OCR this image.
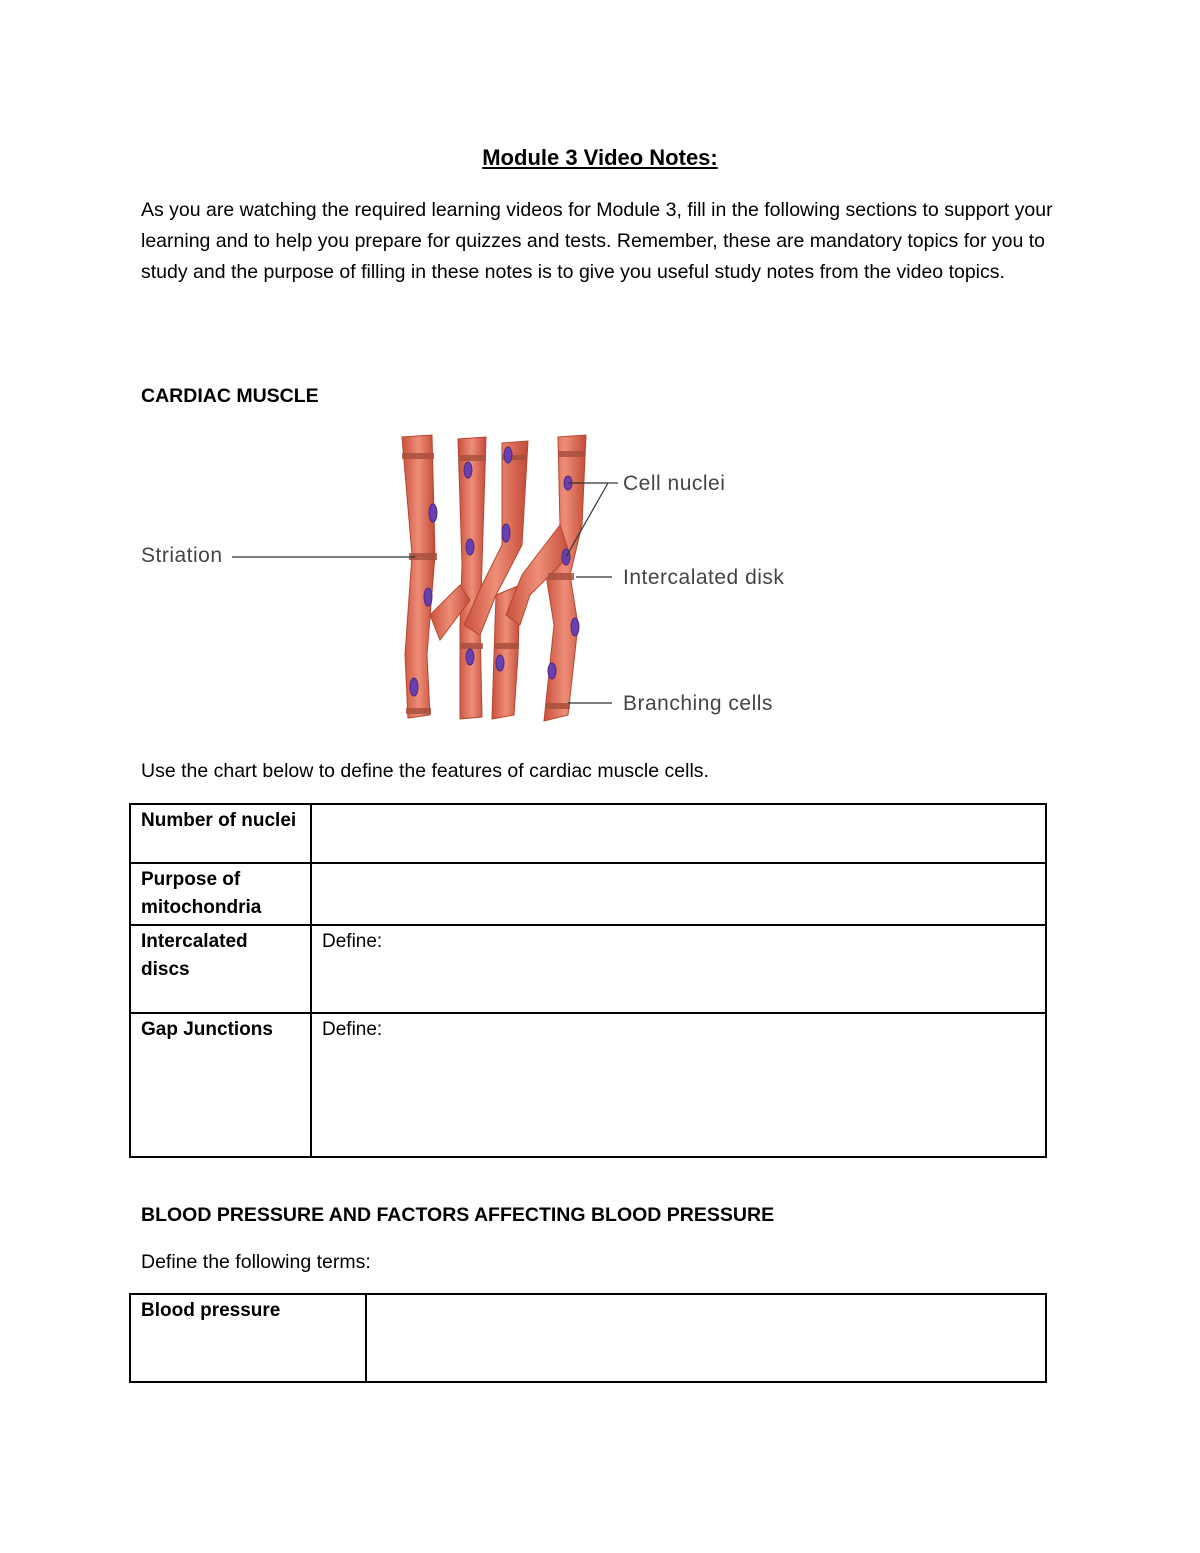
Module 3 Video Notes:
As you are watching the required learning videos for Module 3, fill in the following sections to support your learning and to help you prepare for quizzes and tests. Remember, these are mandatory topics for you to study and the purpose of filling in these notes is to give you useful study notes from the video topics.
CARDIAC MUSCLE
Striation
Cell nuclei
Intercalated disk
Branching cells
Use the chart below to define the features of cardiac muscle cells.
Number of nuclei	
Purpose of mitochondria	
Intercalated discs	Define:
Gap Junctions	Define:
BLOOD PRESSURE AND FACTORS AFFECTING BLOOD PRESSURE
Define the following terms:
Blood pressure	
